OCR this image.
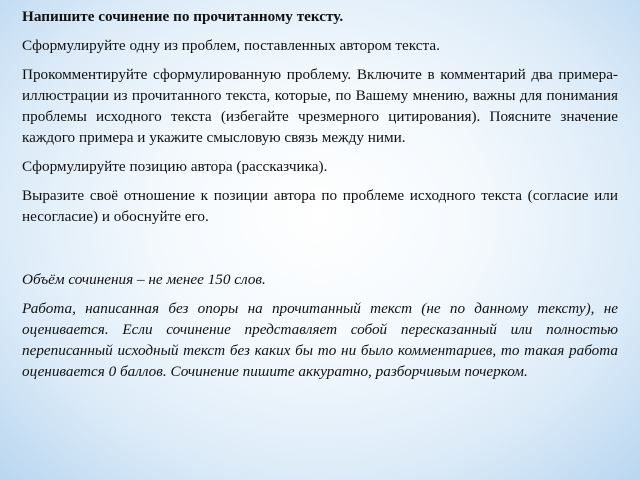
Напишите сочинение по прочитанному тексту.

Сформулируйте одну из проблем, поставленных автором текста.

Прокомментируйте сформулированную проблему. Включите в комментарий два примера-иллюстрации из прочитанного текста, которые, по Вашему мнению, важны для понимания проблемы исходного текста (избегайте чрезмерного цитирования). Поясните значение каждого примера и укажите смысловую связь между ними.

Сформулируйте позицию автора (рассказчика).

Выразите своё отношение к позиции автора по проблеме исходного текста (согласие или несогласие) и обоснуйте его.

Объём сочинения – не менее 150 слов.

Работа, написанная без опоры на прочитанный текст (не по данному тексту), не оценивается. Если сочинение представляет собой пересказанный или полностью переписанный исходный текст без каких бы то ни было комментариев, то такая работа оценивается 0 баллов. Сочинение пишите аккуратно, разборчивым почерком.
